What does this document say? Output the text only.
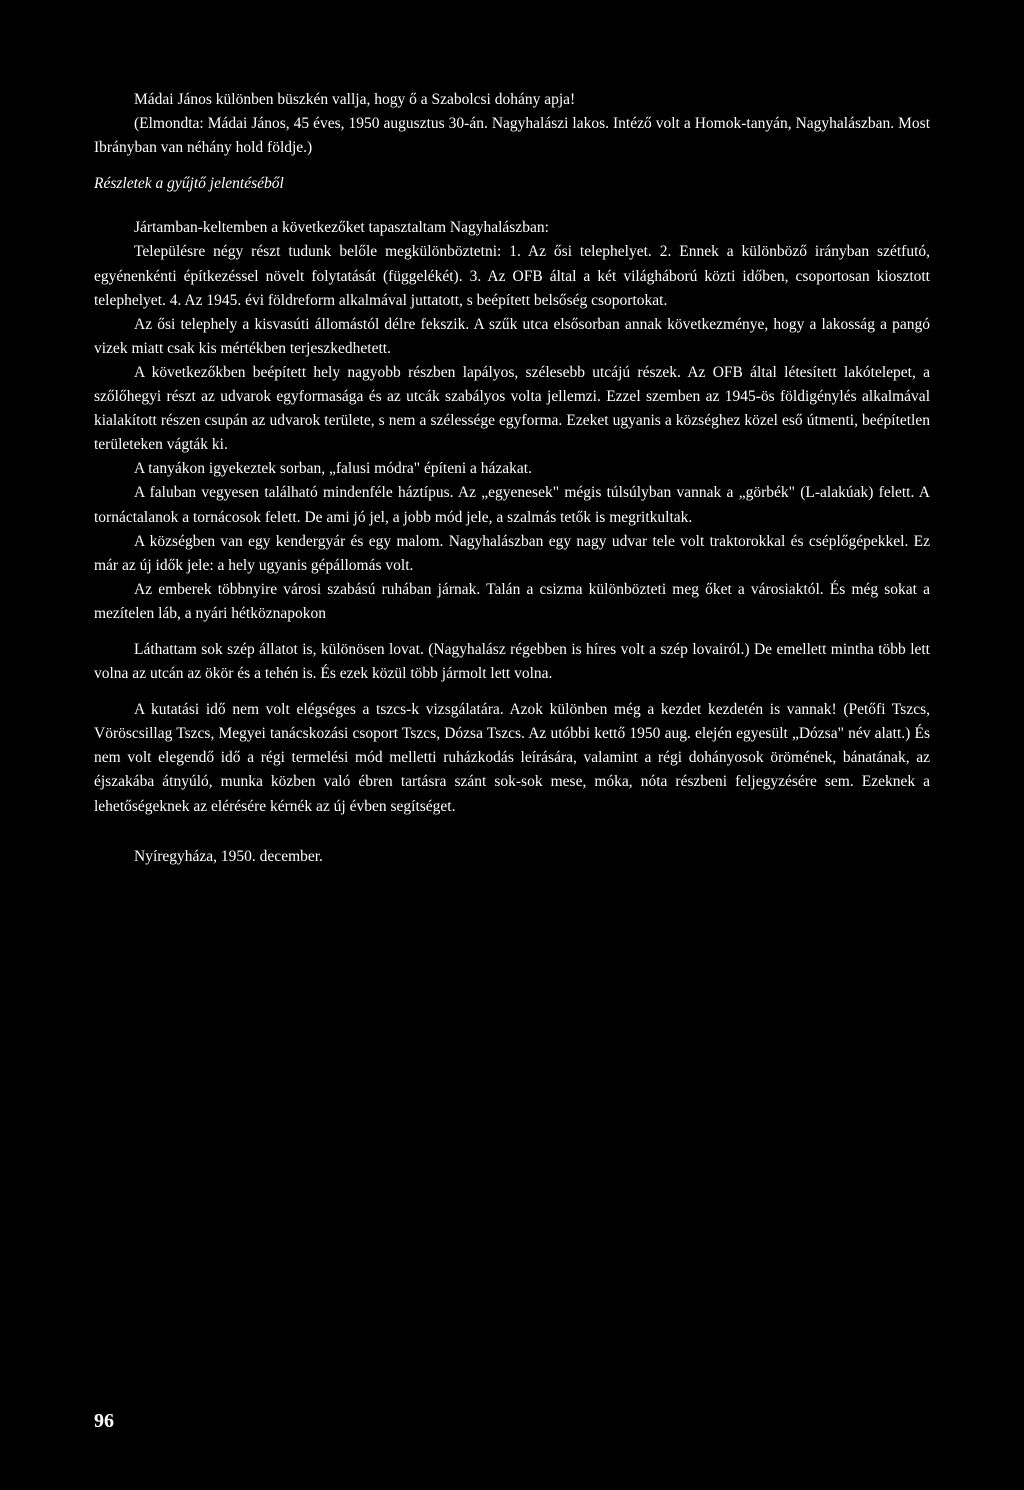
Mádai János különben büszkén vallja, hogy ő a Szabolcsi dohány apja!

(Elmondta: Mádai János, 45 éves, 1950 augusztus 30-án. Nagyhalászi lakos. Intéző volt a Homok-tanyán, Nagyhalászban. Most Ibrányban van néhány hold földje.)

Részletek a gyűjtő jelentéséből

Jártamban-keltemben a következőket tapasztaltam Nagyhalászban:

Településre négy részt tudunk belőle megkülönböztetni: 1. Az ősi telephelyet. 2. Ennek a különböző irányban szétfutó, egyénenkénti építkezéssel növelt folytatását (függelékét). 3. Az OFB által a két világháború közti időben, csoportosan kiosztott telephelyet. 4. Az 1945. évi földreform alkalmával juttatott, s beépített belsőség csoportokat.

Az ősi telephely a kisvasúti állomástól délre fekszik. A szűk utca elsősorban annak következménye, hogy a lakosság a pangó vizek miatt csak kis mértékben terjeszkedhetett.

A következőkben beépített hely nagyobb részben lapályos, szélesebb utcájú részek. Az OFB által létesített lakótelepet, a szőlőhegyi részt az udvarok egyformasága és az utcák szabályos volta jellemzi. Ezzel szemben az 1945-ös földigénylés alkalmával kialakított részen csupán az udvarok területe, s nem a szélessége egyforma. Ezeket ugyanis a községhez közel eső útmenti, beépítetlen területeken vágták ki.

A tanyákon igyekeztek sorban, „falusi módra" építeni a házakat.

A faluban vegyesen található mindenféle háztípus. Az „egyenesek" mégis túlsúlyban vannak a „görbék" (L-alakúak) felett. A tornáctalanok a tornácosok felett. De ami jó jel, a jobb mód jele, a szalmás tetők is megritkultak.

A községben van egy kendergyár és egy malom. Nagyhalászban egy nagy udvar tele volt traktorokkal és cséplőgépekkel. Ez már az új idők jele: a hely ugyanis gépállomás volt.

Az emberek többnyire városi szabású ruhában járnak. Talán a csizma különbözteti meg őket a városiaktól. És még sokat a mezítelen láb, a nyári hétköznapokon

Láthattam sok szép állatot is, különösen lovat. (Nagyhalász régebben is híres volt a szép lovairól.) De emellett mintha több lett volna az utcán az ökör és a tehén is. És ezek közül több jármolt lett volna.

A kutatási idő nem volt elégséges a tszcs-k vizsgálatára. Azok különben még a kezdet kezdetén is vannak! (Petőfi Tszcs, Vöröscsillag Tszcs, Megyei tanácskozási csoport Tszcs, Dózsa Tszcs. Az utóbbi kettő 1950 aug. elején egyesült „Dózsa" név alatt.) És nem volt elegendő idő a régi termelési mód melletti ruházkodás leírására, valamint a régi dohányosok örömének, bánatának, az éjszakába átnyúló, munka közben való ébren tartásra szánt sok-sok mese, móka, nóta részbeni feljegyzésére sem. Ezeknek a lehetőségeknek az elérésére kérnék az új évben segítséget.

Nyíregyháza, 1950. december.

96
